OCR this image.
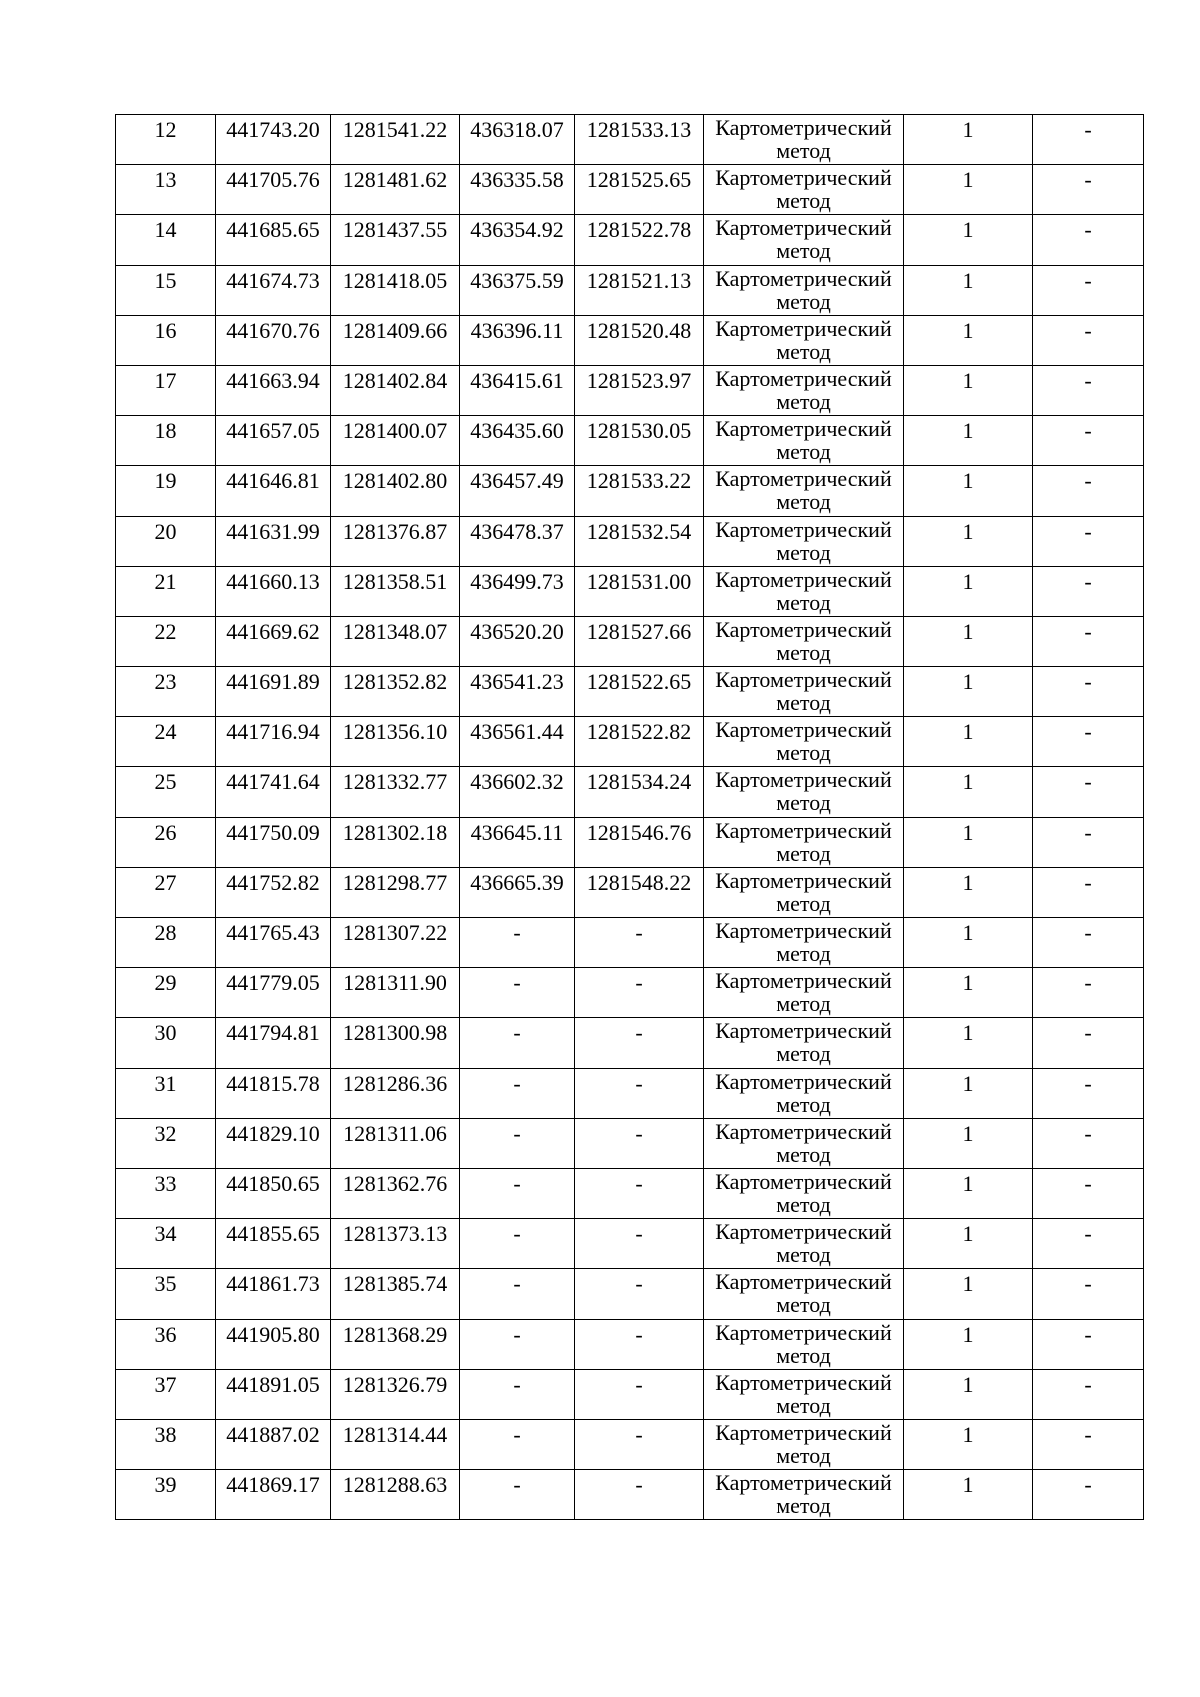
12	441743.20	1281541.22	436318.07	1281533.13	Картометрический
метод	1	-

13	441705.76	1281481.62	436335.58	1281525.65	Картометрический
метод	1	-

14	441685.65	1281437.55	436354.92	1281522.78	Картометрический
метод	1	-

15	441674.73	1281418.05	436375.59	1281521.13	Картометрический
метод	1	-

16	441670.76	1281409.66	436396.11	1281520.48	Картометрический
метод	1	-

17	441663.94	1281402.84	436415.61	1281523.97	Картометрический
метод	1	-

18	441657.05	1281400.07	436435.60	1281530.05	Картометрический
метод	1	-

19	441646.81	1281402.80	436457.49	1281533.22	Картометрический
метод	1	-

20	441631.99	1281376.87	436478.37	1281532.54	Картометрический
метод	1	-

21	441660.13	1281358.51	436499.73	1281531.00	Картометрический
метод	1	-

22	441669.62	1281348.07	436520.20	1281527.66	Картометрический
метод	1	-

23	441691.89	1281352.82	436541.23	1281522.65	Картометрический
метод	1	-

24	441716.94	1281356.10	436561.44	1281522.82	Картометрический
метод	1	-

25	441741.64	1281332.77	436602.32	1281534.24	Картометрический
метод	1	-

26	441750.09	1281302.18	436645.11	1281546.76	Картометрический
метод	1	-

27	441752.82	1281298.77	436665.39	1281548.22	Картометрический
метод	1	-

28	441765.43	1281307.22	-	-	Картометрический
метод	1	-

29	441779.05	1281311.90	-	-	Картометрический
метод	1	-

30	441794.81	1281300.98	-	-	Картометрический
метод	1	-

31	441815.78	1281286.36	-	-	Картометрический
метод	1	-

32	441829.10	1281311.06	-	-	Картометрический
метод	1	-

33	441850.65	1281362.76	-	-	Картометрический
метод	1	-

34	441855.65	1281373.13	-	-	Картометрический
метод	1	-

35	441861.73	1281385.74	-	-	Картометрический
метод	1	-

36	441905.80	1281368.29	-	-	Картометрический
метод	1	-

37	441891.05	1281326.79	-	-	Картометрический
метод	1	-

38	441887.02	1281314.44	-	-	Картометрический
метод	1	-

39	441869.17	1281288.63	-	-	Картометрический
метод	1	-
